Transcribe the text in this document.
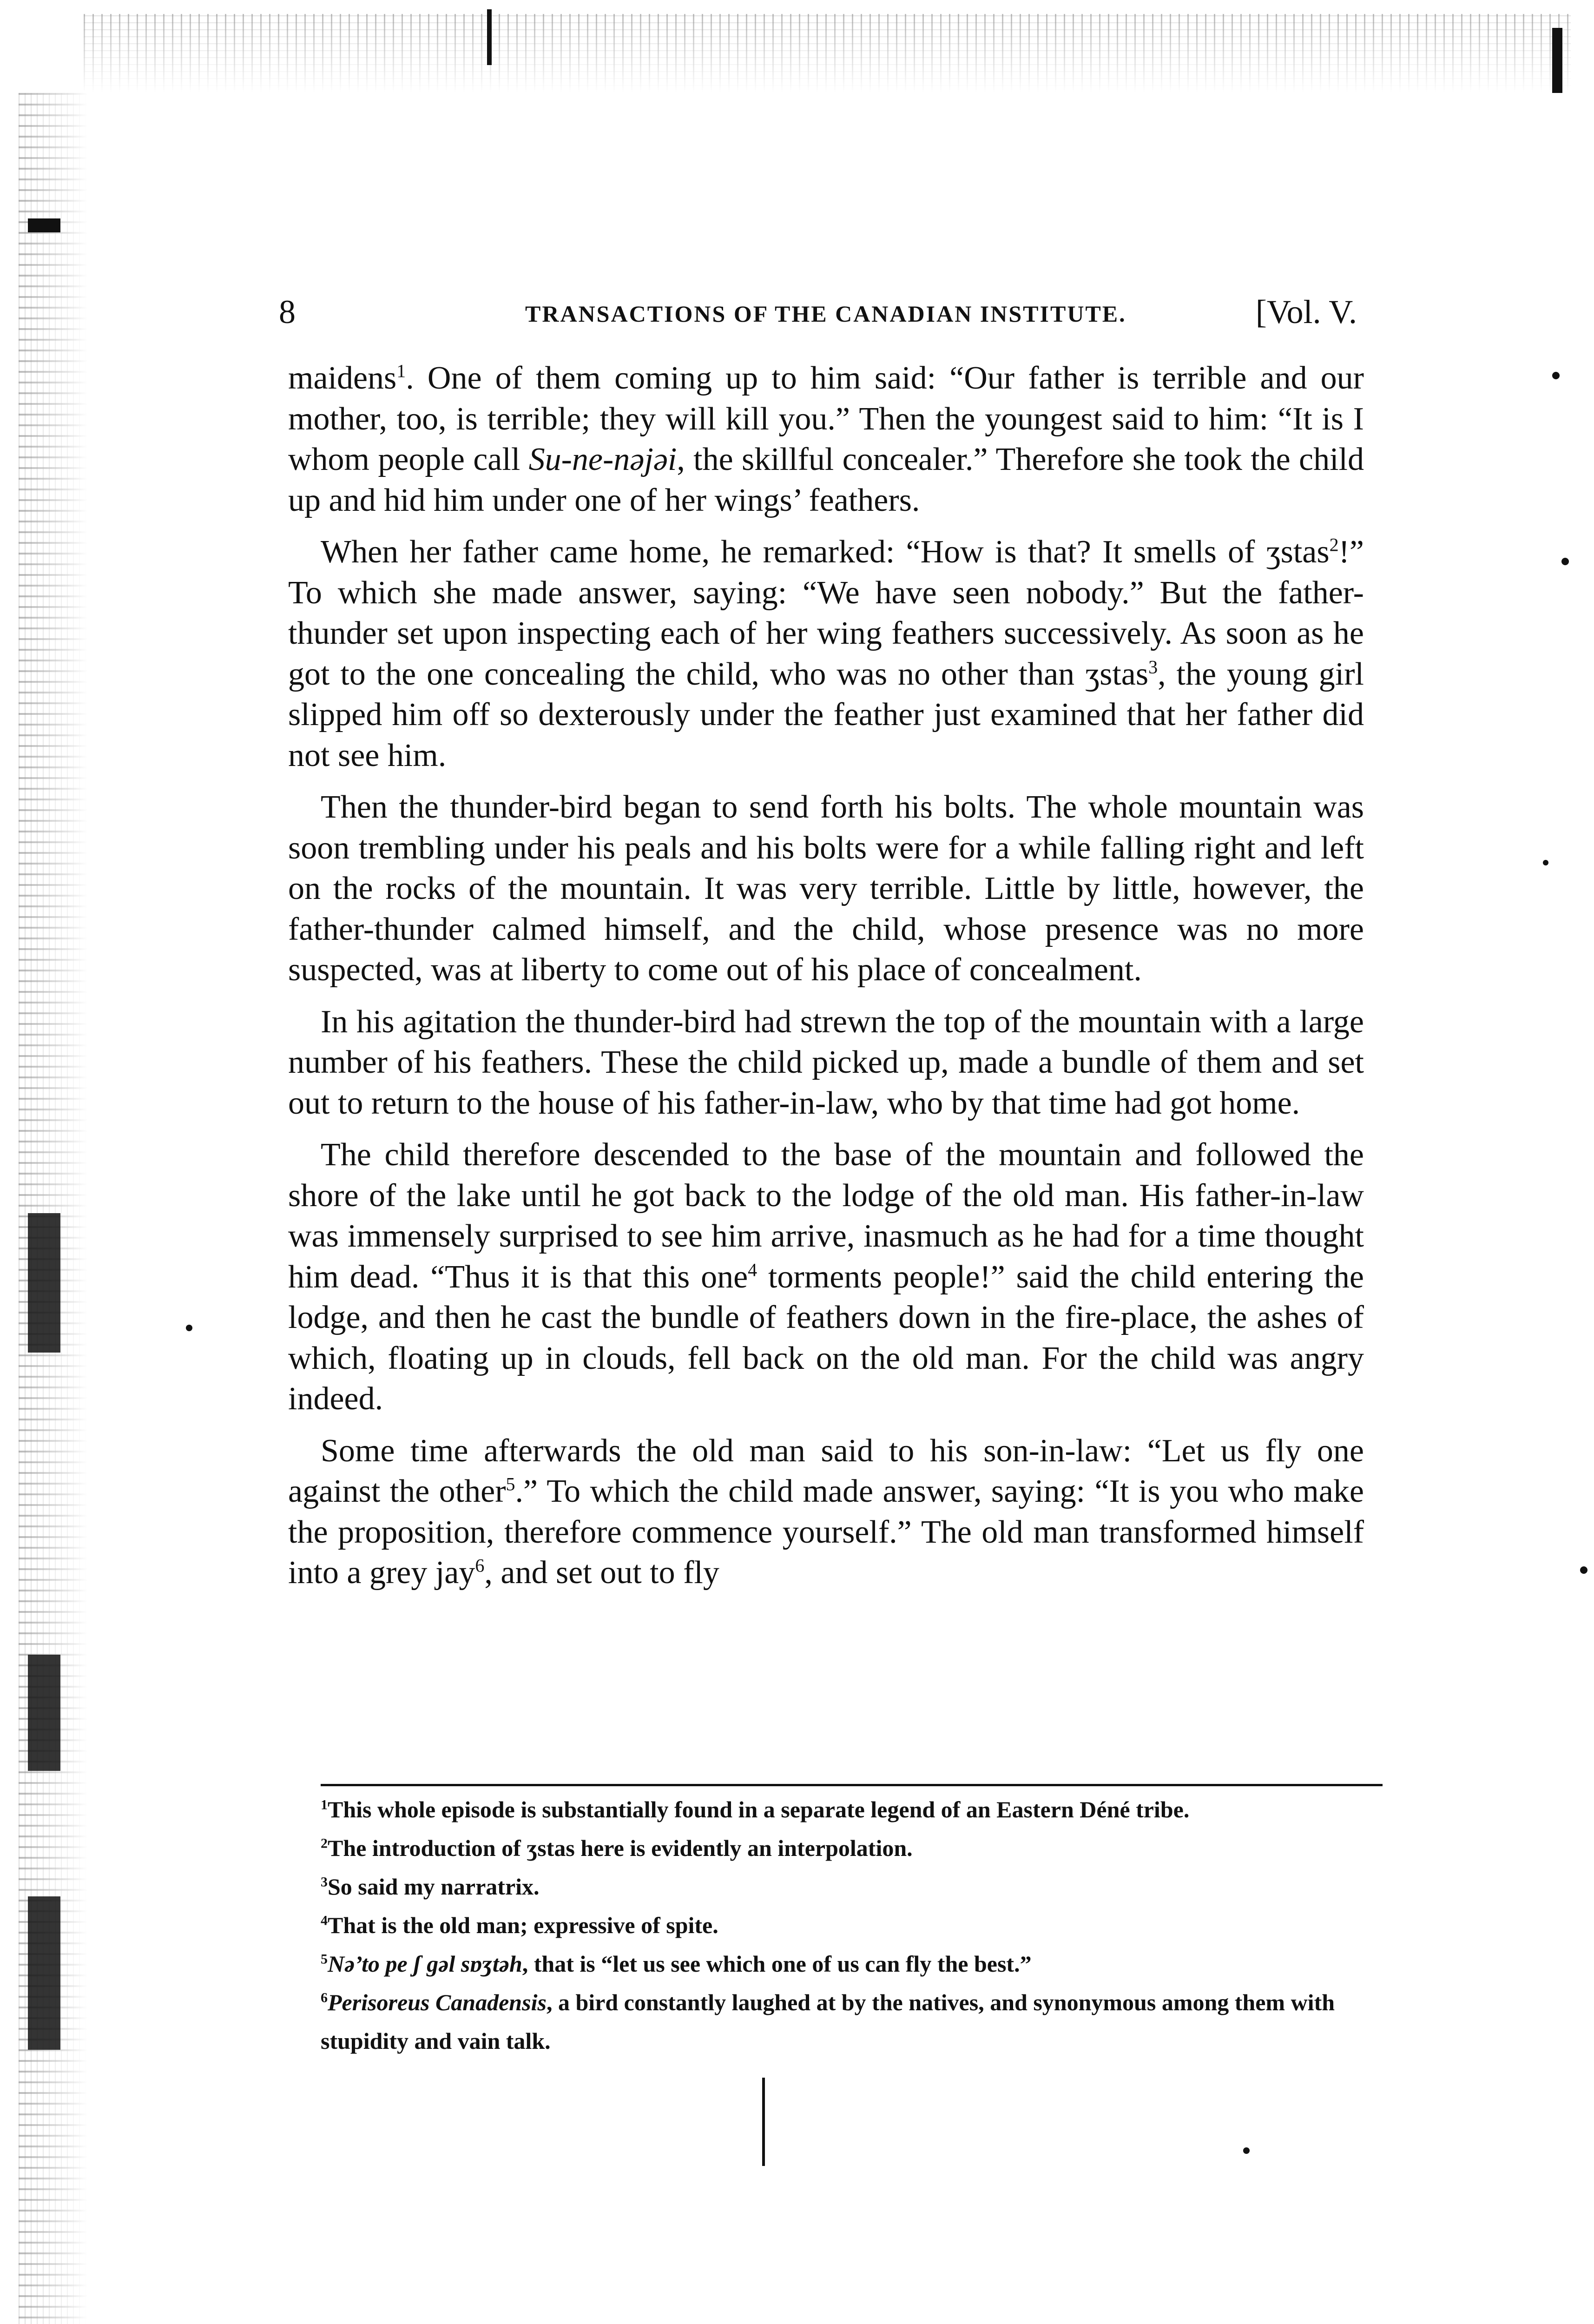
8	TRANSACTIONS OF THE CANADIAN INSTITUTE.	[Vol. V.

maidens$^1$. One of them coming up to him said: “Our father is terrible and our mother, too, is terrible; they will kill you.” Then the youngest said to him: “It is I whom people call Su-ne-nəjəi, the skillful concealer.” Therefore she took the child up and hid him under one of her wings’ feathers.

When her father came home, he remarked: “How is that? It smells of ʒstas$^2$!” To which she made answer, saying: “We have seen nobody.” But the father-thunder set upon inspecting each of her wing feathers successively. As soon as he got to the one concealing the child, who was no other than ʒstas$^3$, the young girl slipped him off so dexterously under the feather just examined that her father did not see him.

Then the thunder-bird began to send forth his bolts. The whole mountain was soon trembling under his peals and his bolts were for a while falling right and left on the rocks of the mountain. It was very terrible. Little by little, however, the father-thunder calmed himself, and the child, whose presence was no more suspected, was at liberty to come out of his place of concealment.

In his agitation the thunder-bird had strewn the top of the mountain with a large number of his feathers. These the child picked up, made a bundle of them and set out to return to the house of his father-in-law, who by that time had got home.

The child therefore descended to the base of the mountain and followed the shore of the lake until he got back to the lodge of the old man. His father-in-law was immensely surprised to see him arrive, inasmuch as he had for a time thought him dead. “Thus it is that this one$^4$ torments people!” said the child entering the lodge, and then he cast the bundle of feathers down in the fire-place, the ashes of which, floating up in clouds, fell back on the old man. For the child was angry indeed.

Some time afterwards the old man said to his son-in-law: “Let us fly one against the other$^5$.” To which the child made answer, saying: “It is you who make the proposition, therefore commence yourself.” The old man transformed himself into a grey jay$^6$, and set out to fly

$^1$This whole episode is substantially found in a separate legend of an Eastern Déné tribe.

$^2$The introduction of ʒstas here is evidently an interpolation.

$^3$So said my narratrix.

$^4$That is the old man; expressive of spite.

$^5$Nə’to pe ʃ gəl sɒʒtəh, that is “let us see which one of us can fly the best.”

$^6$Perisoreus Canadensis, a bird constantly laughed at by the natives, and synonymous among them with stupidity and vain talk.
